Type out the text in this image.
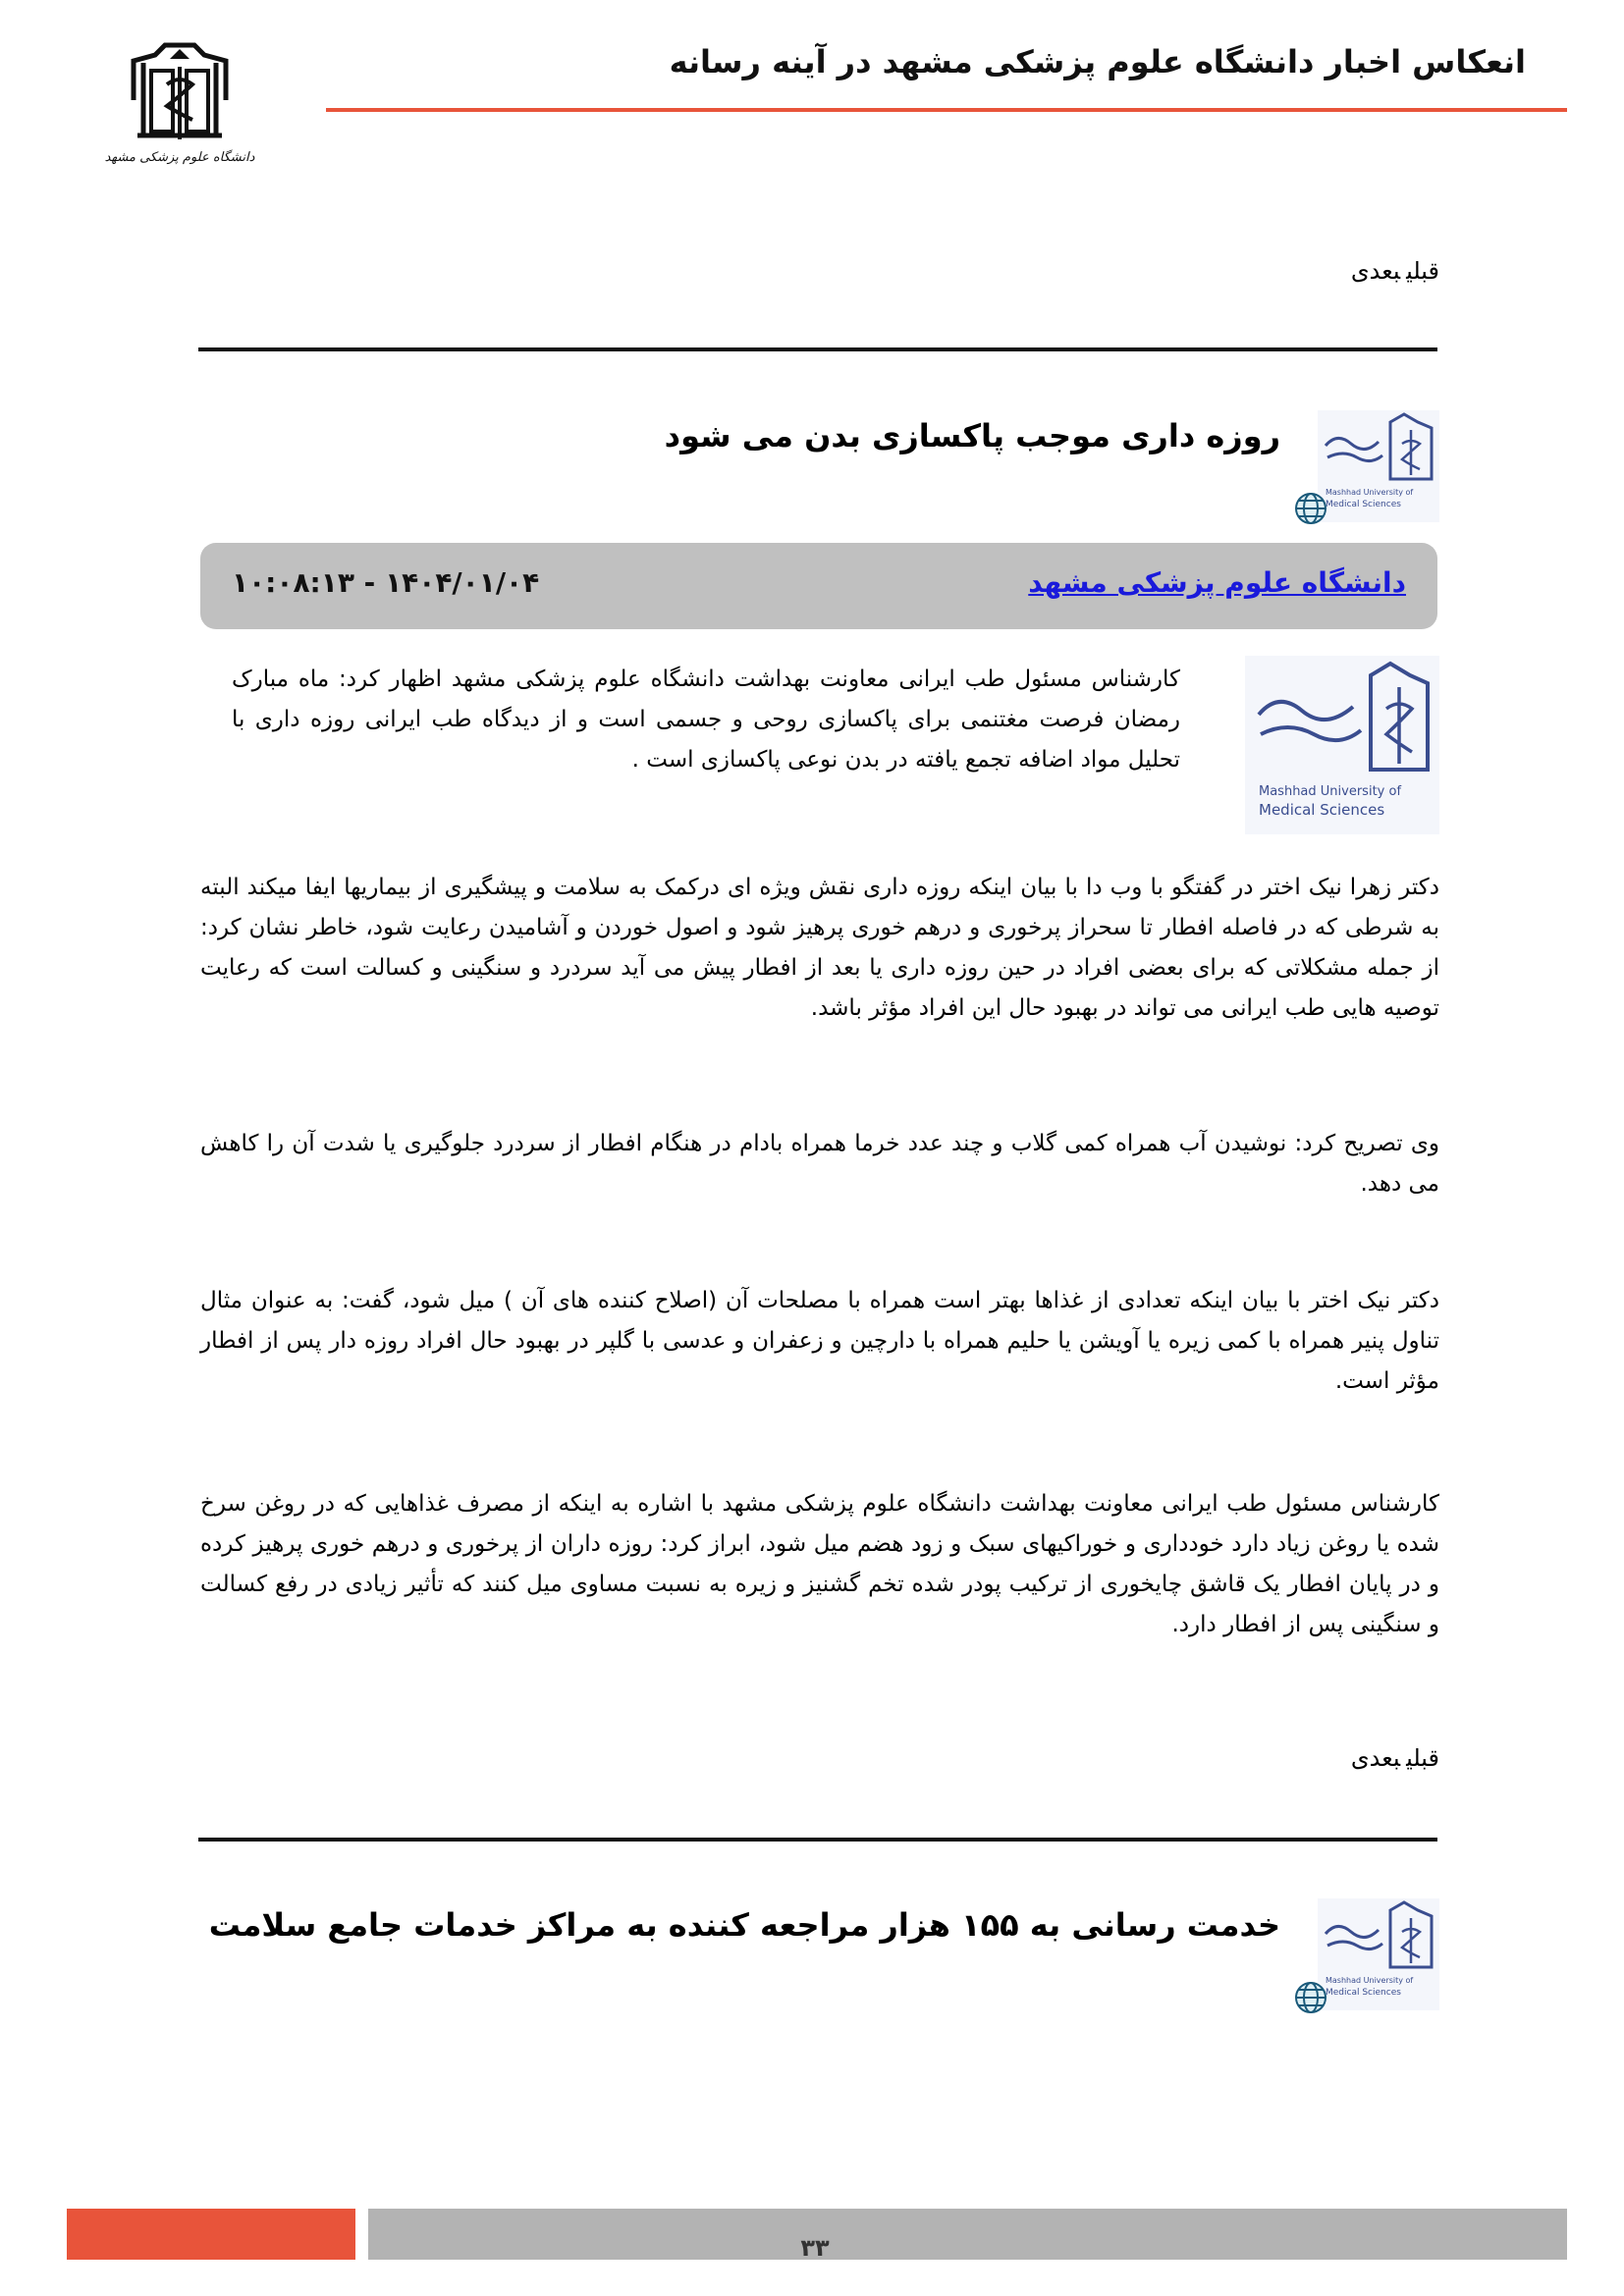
انعکاس اخبار دانشگاه علوم پزشکی مشهد در آینه رسانه
دانشگاه علوم پزشکی مشهد
قبلیبعدی
روزه داری موجب پاکسازی بدن می شود
Mashhad University of
Medical Sciences
دانشگاه علوم پزشکی مشهد
۱۴۰۴/۰۱/۰۴ - ۱۰:۰۸:۱۳
Mashhad University of
Medical Sciences
کارشناس مسئول طب ایرانی معاونت بهداشت دانشگاه علوم پزشکی مشهد اظهار کرد: ماه مبارک رمضان فرصت مغتنمی برای پاکسازی روحی و جسمی است و از دیدگاه طب ایرانی روزه داری با تحلیل مواد اضافه تجمع یافته در بدن نوعی پاکسازی است .
دکتر زهرا نیک اختر در گفتگو با وب دا با بیان اینکه روزه داری نقش ویژه ای درکمک به سلامت و پیشگیری از بیماریها ایفا میکند البته به شرطی که در فاصله افطار تا سحراز پرخوری و درهم خوری پرهیز شود و اصول خوردن و آشامیدن رعایت شود، خاطر نشان کرد: از جمله مشکلاتی که برای بعضی افراد در حین روزه داری یا بعد از افطار پیش می آید سردرد و سنگینی و کسالت است که رعایت توصیه هایی طب ایرانی می تواند در بهبود حال این افراد مؤثر باشد.
وی تصریح کرد: نوشیدن آب همراه کمی گلاب و چند عدد خرما همراه بادام در هنگام افطار از سردرد جلوگیری یا شدت آن را کاهش می دهد.
دکتر نیک اختر با بیان اینکه تعدادی از غذاها بهتر است همراه با مصلحات آن (اصلاح کننده های آن ) میل شود، گفت: به عنوان مثال تناول پنیر همراه با کمی زیره یا آویشن یا حلیم همراه با دارچین و زعفران و عدسی با گلپر در بهبود حال افراد روزه دار پس از افطار مؤثر است.
کارشناس مسئول طب ایرانی معاونت بهداشت دانشگاه علوم پزشکی مشهد با اشاره به اینکه از مصرف غذاهایی که در روغن سرخ شده یا روغن زیاد دارد خودداری و خوراکیهای سبک و زود هضم میل شود، ابراز کرد: روزه داران از پرخوری و درهم خوری پرهیز کرده و در پایان افطار یک قاشق چایخوری از ترکیب پودر شده تخم گشنیز و زیره به نسبت مساوی میل کنند که تأثیر زیادی در رفع کسالت و سنگینی پس از افطار دارد.
قبلیبعدی
خدمت رسانی به ۱۵۵ هزار مراجعه کننده به مراکز خدمات جامع سلامت
Mashhad University of
Medical Sciences
۳۳
